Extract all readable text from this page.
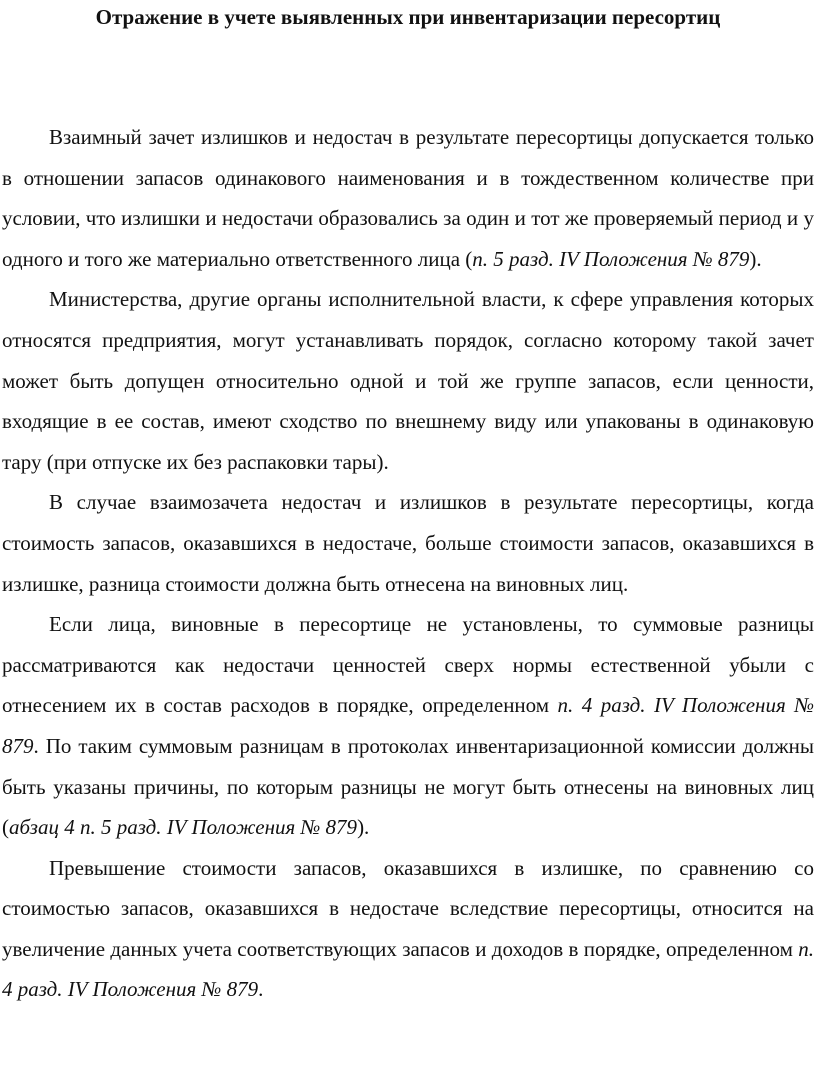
Отражение в учете выявленных при инвентаризации пересортиц

Взаимный зачет излишков и недостач в результате пересортицы допускается только в отношении запасов одинакового наименования и в тождественном количестве при условии, что излишки и недостачи образовались за один и тот же проверяемый период и у одного и того же материально ответственного лица (п. 5 разд. IV Положения № 879).

Министерства, другие органы исполнительной власти, к сфере управления которых относятся предприятия, могут устанавливать порядок, согласно которому такой зачет может быть допущен относительно одной и той же группе запасов, если ценности, входящие в ее состав, имеют сходство по внешнему виду или упакованы в одинаковую тару (при отпуске их без распаковки тары).

В случае взаимозачета недостач и излишков в результате пересортицы, когда стоимость запасов, оказавшихся в недостаче, больше стоимости запасов, оказавшихся в излишке, разница стоимости должна быть отнесена на виновных лиц.

Если лица, виновные в пересортице не установлены, то суммовые разницы рассматриваются как недостачи ценностей сверх нормы естественной убыли с отнесением их в состав расходов в порядке, определенном п. 4 разд. IV Положения № 879. По таким суммовым разницам в протоколах инвентаризационной комиссии должны быть указаны причины, по которым разницы не могут быть отнесены на виновных лиц (абзац 4 п. 5 разд. IV Положения № 879).

Превышение стоимости запасов, оказавшихся в излишке, по сравнению со стоимостью запасов, оказавшихся в недостаче вследствие пересортицы, относится на увеличение данных учета соответствующих запасов и доходов в порядке, определенном п. 4 разд. IV Положения № 879.
